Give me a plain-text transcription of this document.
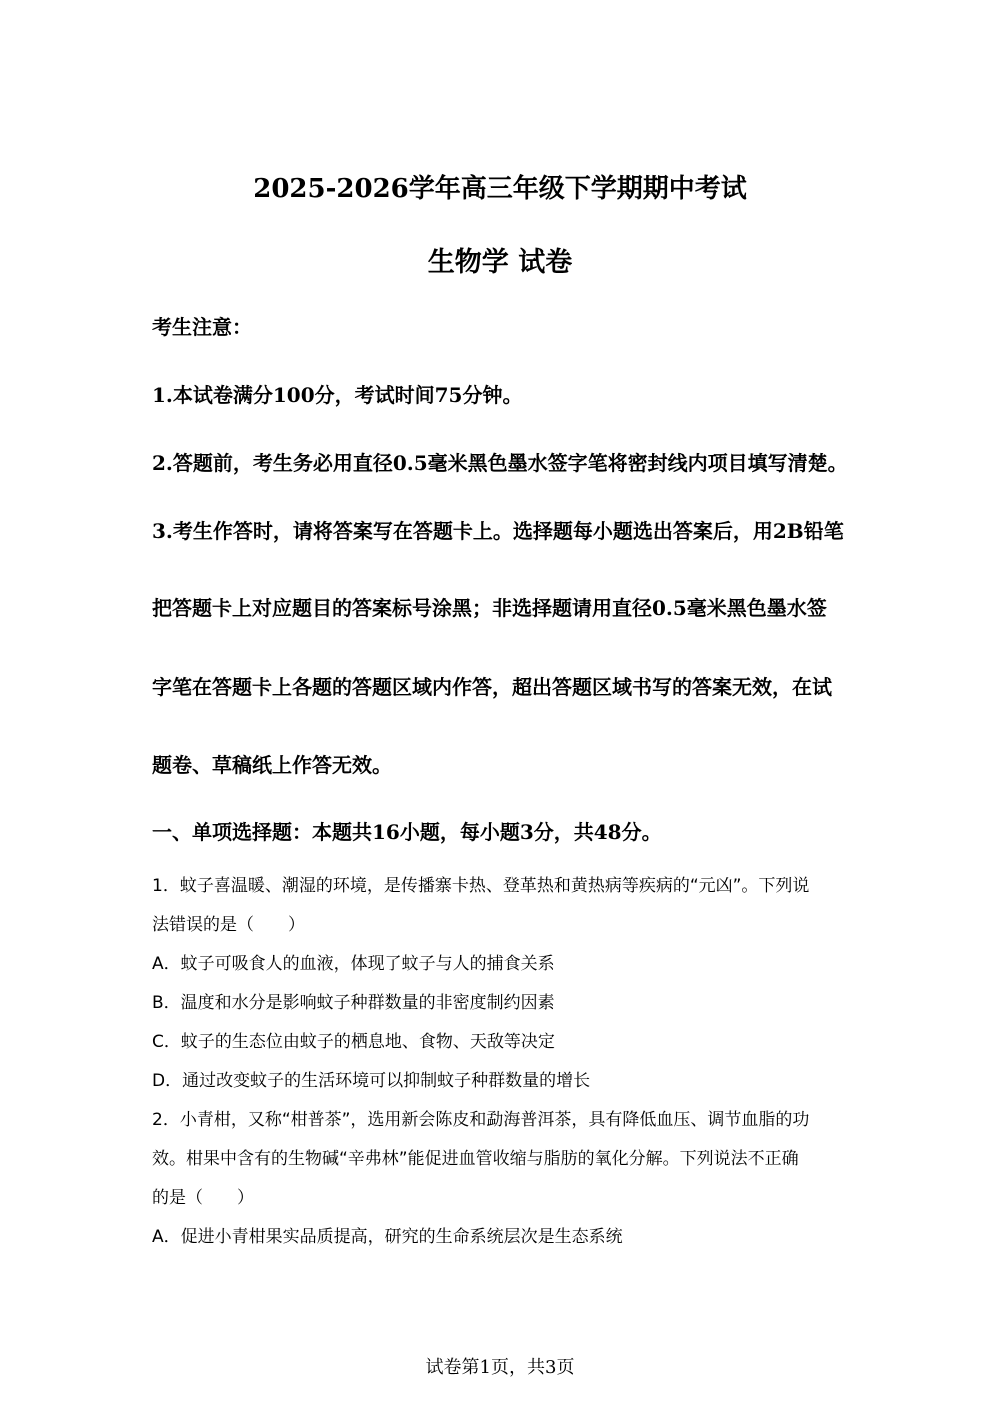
2025-2026学年高三年级下学期期中考试
生物学 试卷
考生注意：
1.本试卷满分100分，考试时间75分钟。
2.答题前，考生务必用直径0.5毫米黑色墨水签字笔将密封线内项目填写清楚。
3.考生作答时，请将答案写在答题卡上。选择题每小题选出答案后，用2B铅笔
把答题卡上对应题目的答案标号涂黑；非选择题请用直径0.5毫米黑色墨水签
字笔在答题卡上各题的答题区域内作答，超出答题区域书写的答案无效，在试
题卷、草稿纸上作答无效。
一、单项选择题：本题共16小题，每小题3分，共48分。
1．蚊子喜温暖、潮湿的环境，是传播寨卡热、登革热和黄热病等疾病的“元凶”。下列说
法错误的是（　　）
A．蚊子可吸食人的血液，体现了蚊子与人的捕食关系
B．温度和水分是影响蚊子种群数量的非密度制约因素
C．蚊子的生态位由蚊子的栖息地、食物、天敌等决定
D．通过改变蚊子的生活环境可以抑制蚊子种群数量的增长
2．小青柑，又称“柑普茶”，选用新会陈皮和勐海普洱茶，具有降低血压、调节血脂的功
效。柑果中含有的生物碱“辛弗林”能促进血管收缩与脂肪的氧化分解。下列说法不正确
的是（　　）
A．促进小青柑果实品质提高，研究的生命系统层次是生态系统
试卷第1页，共3页
